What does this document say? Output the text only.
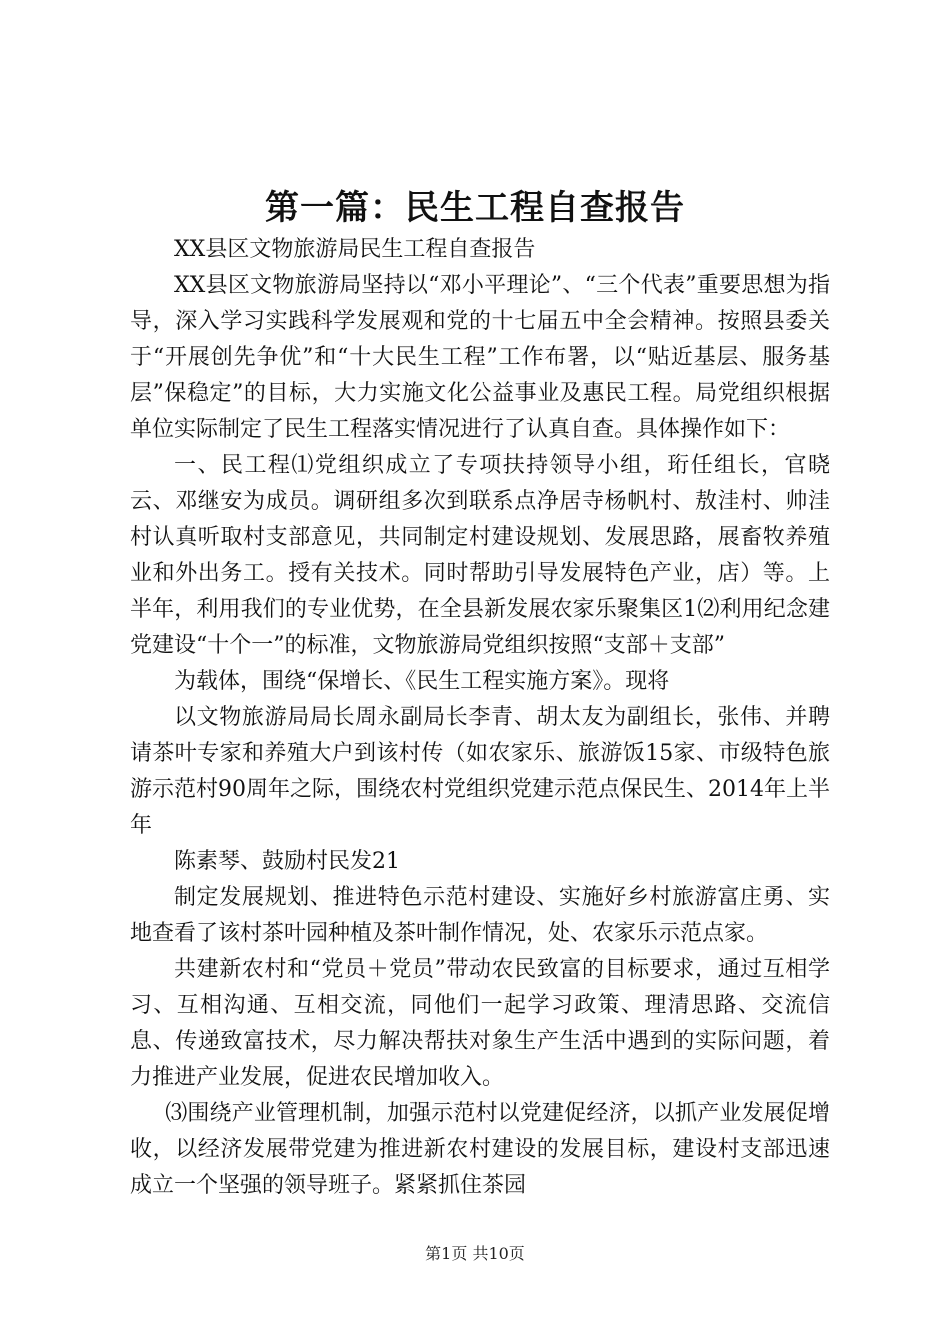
第一篇：民生工程自查报告

XX县区文物旅游局民生工程自查报告

XX县区文物旅游局坚持以“邓小平理论”、“三个代表”重要思想为指导，深入学习实践科学发展观和党的十七届五中全会精神。按照县委关于“开展创先争优”和“十大民生工程”工作布署，以“贴近基层、服务基层”保稳定”的目标，大力实施文化公益事业及惠民工程。局党组织根据单位实际制定了民生工程落实情况进行了认真自查。具体操作如下：

一、民工程⑴党组织成立了专项扶持领导小组，珩任组长，官晓云、邓继安为成员。调研组多次到联系点净居寺杨帆村、敖洼村、帅洼村认真听取村支部意见，共同制定村建设规划、发展思路，展畜牧养殖业和外出务工。授有关技术。同时帮助引导发展特色产业，店）等。上半年，利用我们的专业优势，在全县新发展农家乐聚集区1⑵利用纪念建党建设“十个一”的标准，文物旅游局党组织按照“支部＋支部”

为载体，围绕“保增长、《民生工程实施方案》。现将

以文物旅游局局长周永副局长李青、胡太友为副组长，张伟、并聘请茶叶专家和养殖大户到该村传（如农家乐、旅游饭15家、市级特色旅游示范村90周年之际，围绕农村党组织党建示范点保民生、2014年上半年

陈素琴、鼓励村民发21

制定发展规划、推进特色示范村建设、实施好乡村旅游富庄勇、实地查看了该村茶叶园种植及茶叶制作情况，处、农家乐示范点家。

共建新农村和“党员＋党员”带动农民致富的目标要求，通过互相学习、互相沟通、互相交流，同他们一起学习政策、理清思路、交流信息、传递致富技术，尽力解决帮扶对象生产生活中遇到的实际问题，着力推进产业发展，促进农民增加收入。

⑶围绕产业管理机制，加强示范村以党建促经济，以抓产业发展促增收，以经济发展带党建为推进新农村建设的发展目标，建设村支部迅速成立一个坚强的领导班子。紧紧抓住茶园

第1页 共10页
